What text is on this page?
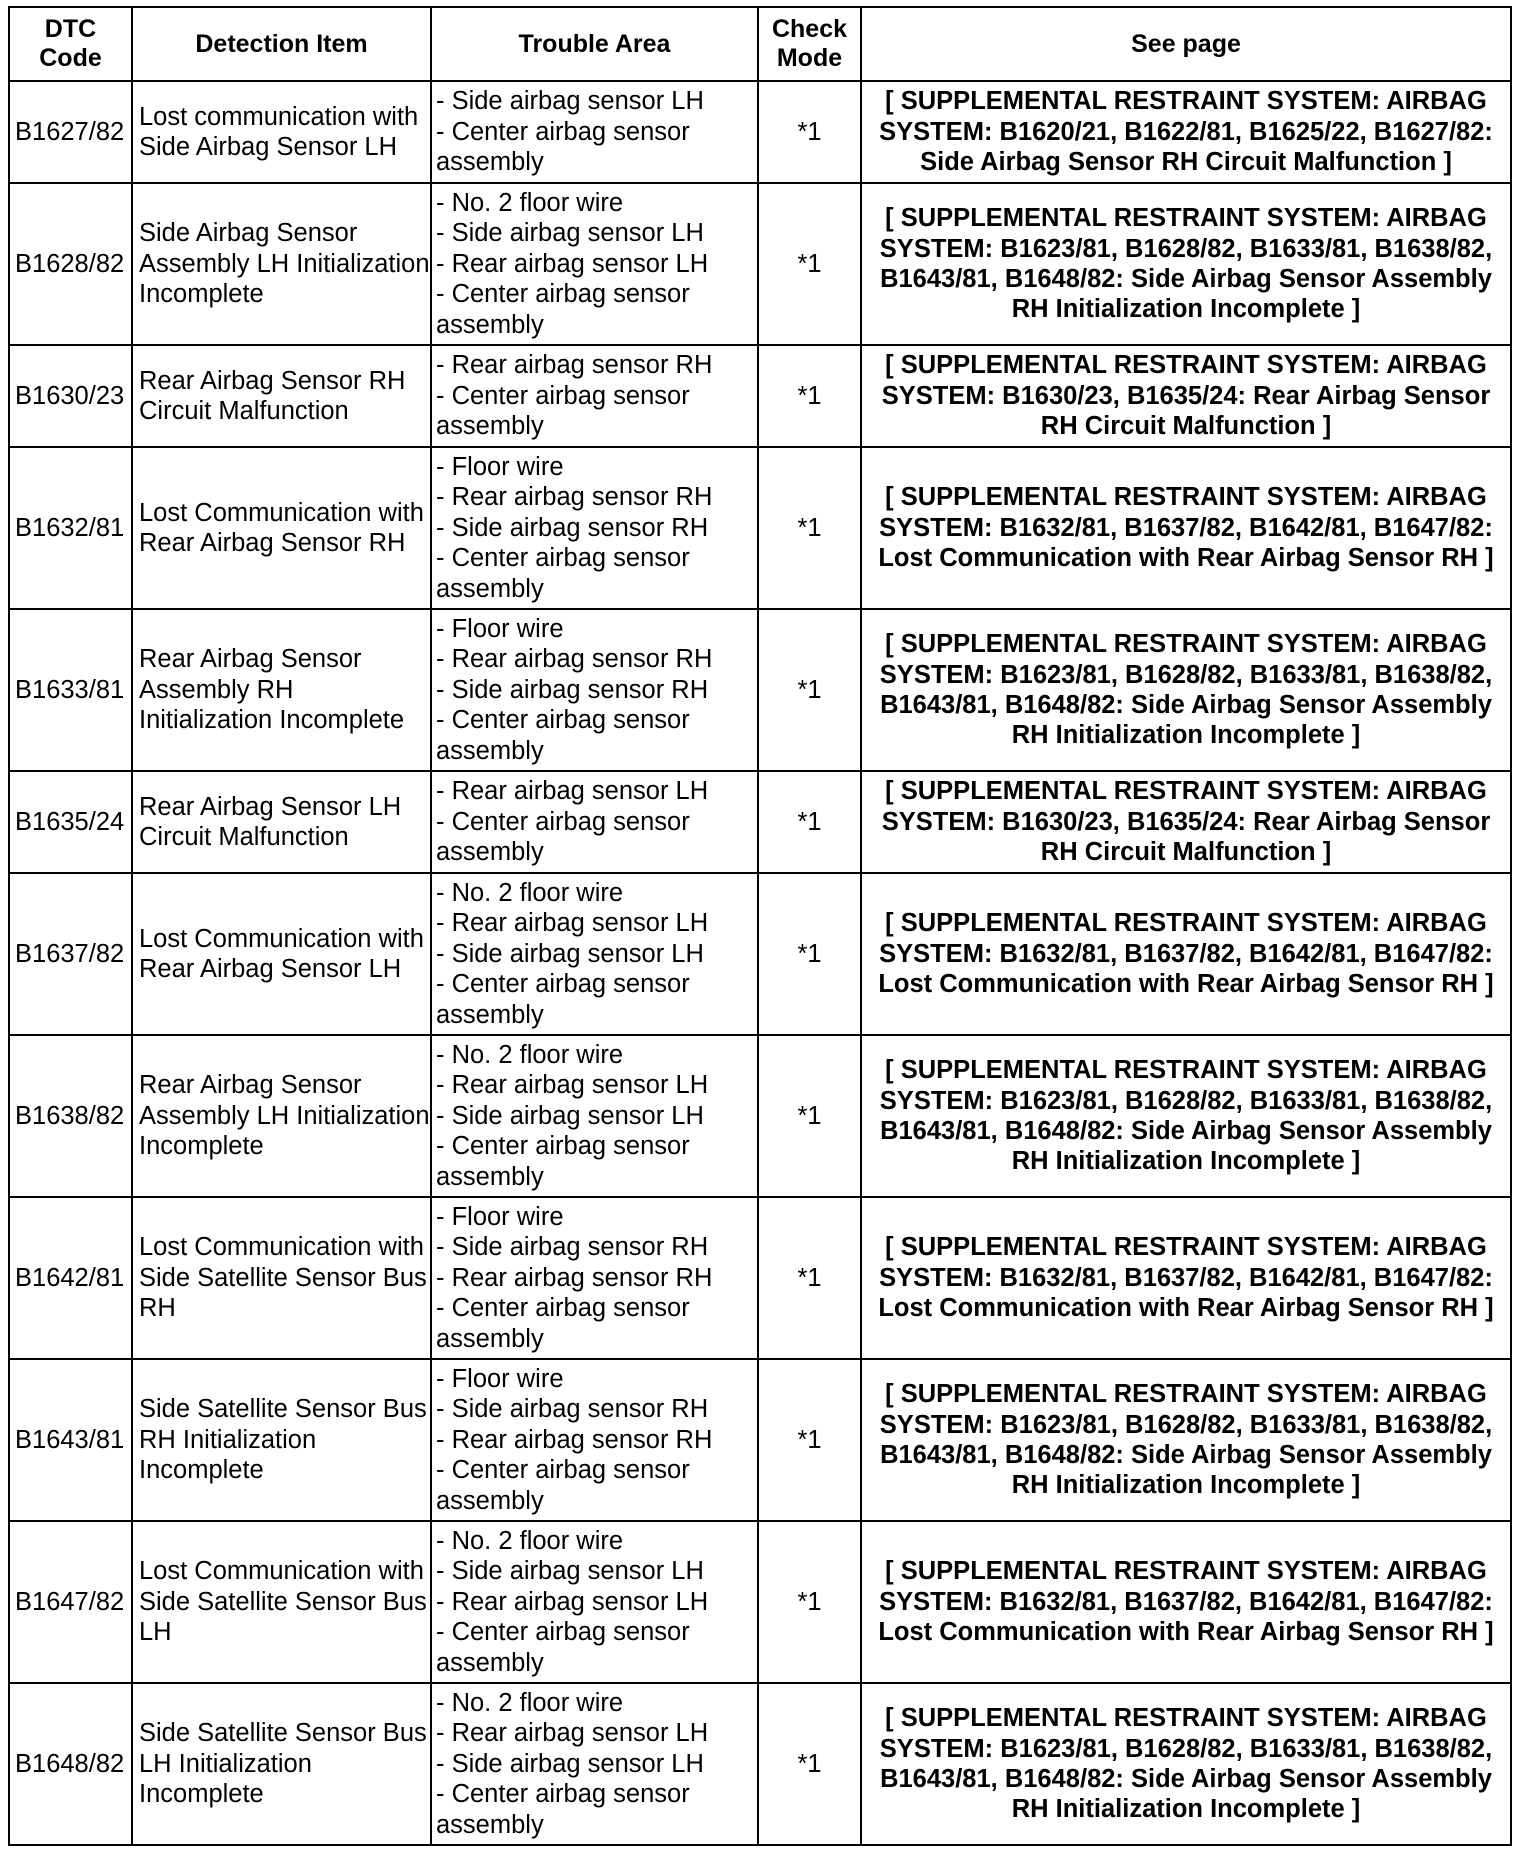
DTC
Code	Detection Item	Trouble Area	Check
Mode	See page
B1627/82	Lost communication with
Side Airbag Sensor LH	- Side airbag sensor LH
- Center airbag sensor
assembly	*1	[ SUPPLEMENTAL RESTRAINT SYSTEM: AIRBAG
SYSTEM: B1620/21, B1622/81, B1625/22, B1627/82:
Side Airbag Sensor RH Circuit Malfunction ]

B1628/82	Side Airbag Sensor
Assembly LH Initialization
Incomplete	- No. 2 floor wire
- Side airbag sensor LH
- Rear airbag sensor LH
- Center airbag sensor
assembly	*1	[ SUPPLEMENTAL RESTRAINT SYSTEM: AIRBAG
SYSTEM: B1623/81, B1628/82, B1633/81, B1638/82,
B1643/81, B1648/82: Side Airbag Sensor Assembly
RH Initialization Incomplete ]

B1630/23	Rear Airbag Sensor RH
Circuit Malfunction	- Rear airbag sensor RH
- Center airbag sensor
assembly	*1	[ SUPPLEMENTAL RESTRAINT SYSTEM: AIRBAG
SYSTEM: B1630/23, B1635/24: Rear Airbag Sensor
RH Circuit Malfunction ]

B1632/81	Lost Communication with
Rear Airbag Sensor RH	- Floor wire
- Rear airbag sensor RH
- Side airbag sensor RH
- Center airbag sensor
assembly	*1	[ SUPPLEMENTAL RESTRAINT SYSTEM: AIRBAG
SYSTEM: B1632/81, B1637/82, B1642/81, B1647/82:
Lost Communication with Rear Airbag Sensor RH ]

B1633/81	Rear Airbag Sensor
Assembly RH
Initialization Incomplete	- Floor wire
- Rear airbag sensor RH
- Side airbag sensor RH
- Center airbag sensor
assembly	*1	[ SUPPLEMENTAL RESTRAINT SYSTEM: AIRBAG
SYSTEM: B1623/81, B1628/82, B1633/81, B1638/82,
B1643/81, B1648/82: Side Airbag Sensor Assembly
RH Initialization Incomplete ]

B1635/24	Rear Airbag Sensor LH
Circuit Malfunction	- Rear airbag sensor LH
- Center airbag sensor
assembly	*1	[ SUPPLEMENTAL RESTRAINT SYSTEM: AIRBAG
SYSTEM: B1630/23, B1635/24: Rear Airbag Sensor
RH Circuit Malfunction ]

B1637/82	Lost Communication with
Rear Airbag Sensor LH	- No. 2 floor wire
- Rear airbag sensor LH
- Side airbag sensor LH
- Center airbag sensor
assembly	*1	[ SUPPLEMENTAL RESTRAINT SYSTEM: AIRBAG
SYSTEM: B1632/81, B1637/82, B1642/81, B1647/82:
Lost Communication with Rear Airbag Sensor RH ]

B1638/82	Rear Airbag Sensor
Assembly LH Initialization
Incomplete	- No. 2 floor wire
- Rear airbag sensor LH
- Side airbag sensor LH
- Center airbag sensor
assembly	*1	[ SUPPLEMENTAL RESTRAINT SYSTEM: AIRBAG
SYSTEM: B1623/81, B1628/82, B1633/81, B1638/82,
B1643/81, B1648/82: Side Airbag Sensor Assembly
RH Initialization Incomplete ]

B1642/81	Lost Communication with
Side Satellite Sensor Bus
RH	- Floor wire
- Side airbag sensor RH
- Rear airbag sensor RH
- Center airbag sensor
assembly	*1	[ SUPPLEMENTAL RESTRAINT SYSTEM: AIRBAG
SYSTEM: B1632/81, B1637/82, B1642/81, B1647/82:
Lost Communication with Rear Airbag Sensor RH ]

B1643/81	Side Satellite Sensor Bus
RH Initialization
Incomplete	- Floor wire
- Side airbag sensor RH
- Rear airbag sensor RH
- Center airbag sensor
assembly	*1	[ SUPPLEMENTAL RESTRAINT SYSTEM: AIRBAG
SYSTEM: B1623/81, B1628/82, B1633/81, B1638/82,
B1643/81, B1648/82: Side Airbag Sensor Assembly
RH Initialization Incomplete ]

B1647/82	Lost Communication with
Side Satellite Sensor Bus
LH	- No. 2 floor wire
- Side airbag sensor LH
- Rear airbag sensor LH
- Center airbag sensor
assembly	*1	[ SUPPLEMENTAL RESTRAINT SYSTEM: AIRBAG
SYSTEM: B1632/81, B1637/82, B1642/81, B1647/82:
Lost Communication with Rear Airbag Sensor RH ]

B1648/82	Side Satellite Sensor Bus
LH Initialization
Incomplete	- No. 2 floor wire
- Rear airbag sensor LH
- Side airbag sensor LH
- Center airbag sensor
assembly	*1	[ SUPPLEMENTAL RESTRAINT SYSTEM: AIRBAG
SYSTEM: B1623/81, B1628/82, B1633/81, B1638/82,
B1643/81, B1648/82: Side Airbag Sensor Assembly
RH Initialization Incomplete ]
